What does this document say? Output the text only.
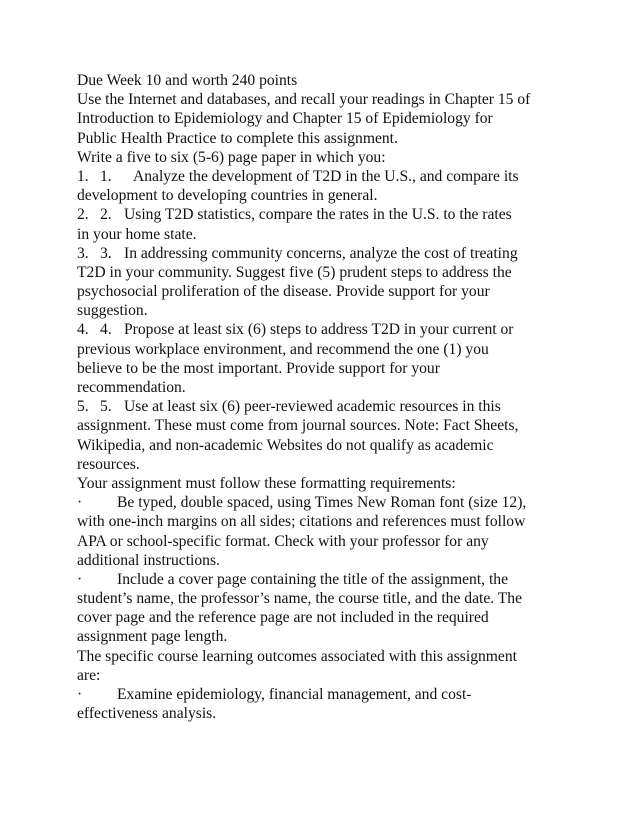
Due Week 10 and worth 240 points
Use the Internet and databases, and recall your readings in Chapter 15 of
Introduction to Epidemiology and Chapter 15 of Epidemiology for
Public Health Practice to complete this assignment.
Write a five to six (5-6) page paper in which you:
1. 1. Analyze the development of T2D in the U.S., and compare its
development to developing countries in general.
2. 2. Using T2D statistics, compare the rates in the U.S. to the rates
in your home state.
3. 3. In addressing community concerns, analyze the cost of treating
T2D in your community. Suggest five (5) prudent steps to address the
psychosocial proliferation of the disease. Provide support for your
suggestion.
4. 4. Propose at least six (6) steps to address T2D in your current or
previous workplace environment, and recommend the one (1) you
believe to be the most important. Provide support for your
recommendation.
5. 5. Use at least six (6) peer-reviewed academic resources in this
assignment. These must come from journal sources. Note: Fact Sheets,
Wikipedia, and non-academic Websites do not qualify as academic
resources.
Your assignment must follow these formatting requirements:
· Be typed, double spaced, using Times New Roman font (size 12),
with one-inch margins on all sides; citations and references must follow
APA or school-specific format. Check with your professor for any
additional instructions.
· Include a cover page containing the title of the assignment, the
student’s name, the professor’s name, the course title, and the date. The
cover page and the reference page are not included in the required
assignment page length.
The specific course learning outcomes associated with this assignment
are:
· Examine epidemiology, financial management, and cost-
effectiveness analysis.
